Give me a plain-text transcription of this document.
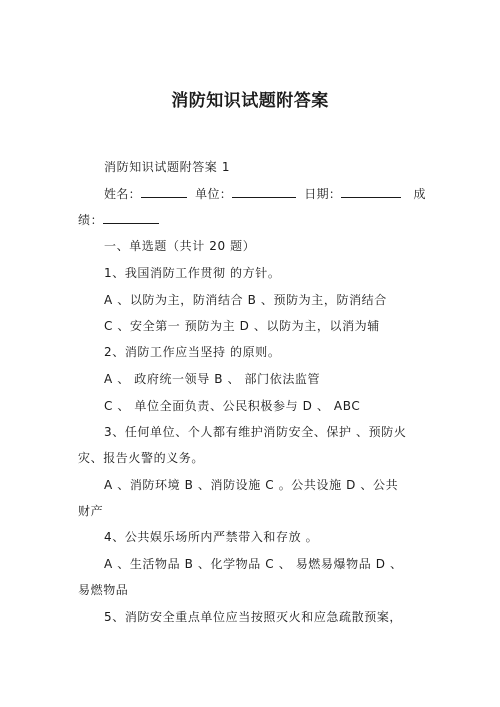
消防知识试题附答案

消防知识试题附答案 1

姓名：	单位：	日期：	成

绩：

一、单选题（共计 20 题）

1、我国消防工作贯彻 的方针。

A 、以防为主，防消结合 B 、预防为主，防消结合

C 、安全第一 预防为主 D 、以防为主，以消为辅

2、消防工作应当坚持 的原则。

A 、 政府统一领导 B 、 部门依法监管

C 、 单位全面负责、公民积极参与 D 、 ABC

3、任何单位、个人都有维护消防安全、保护 、预防火

灾、报告火警的义务。

A 、消防环境 B 、消防设施 C 。公共设施 D 、公共

财产

4、公共娱乐场所内严禁带入和存放 。

A 、生活物品 B 、化学物品 C 、 易燃易爆物品 D 、

易燃物品

5、消防安全重点单位应当按照灭火和应急疏散预案，
